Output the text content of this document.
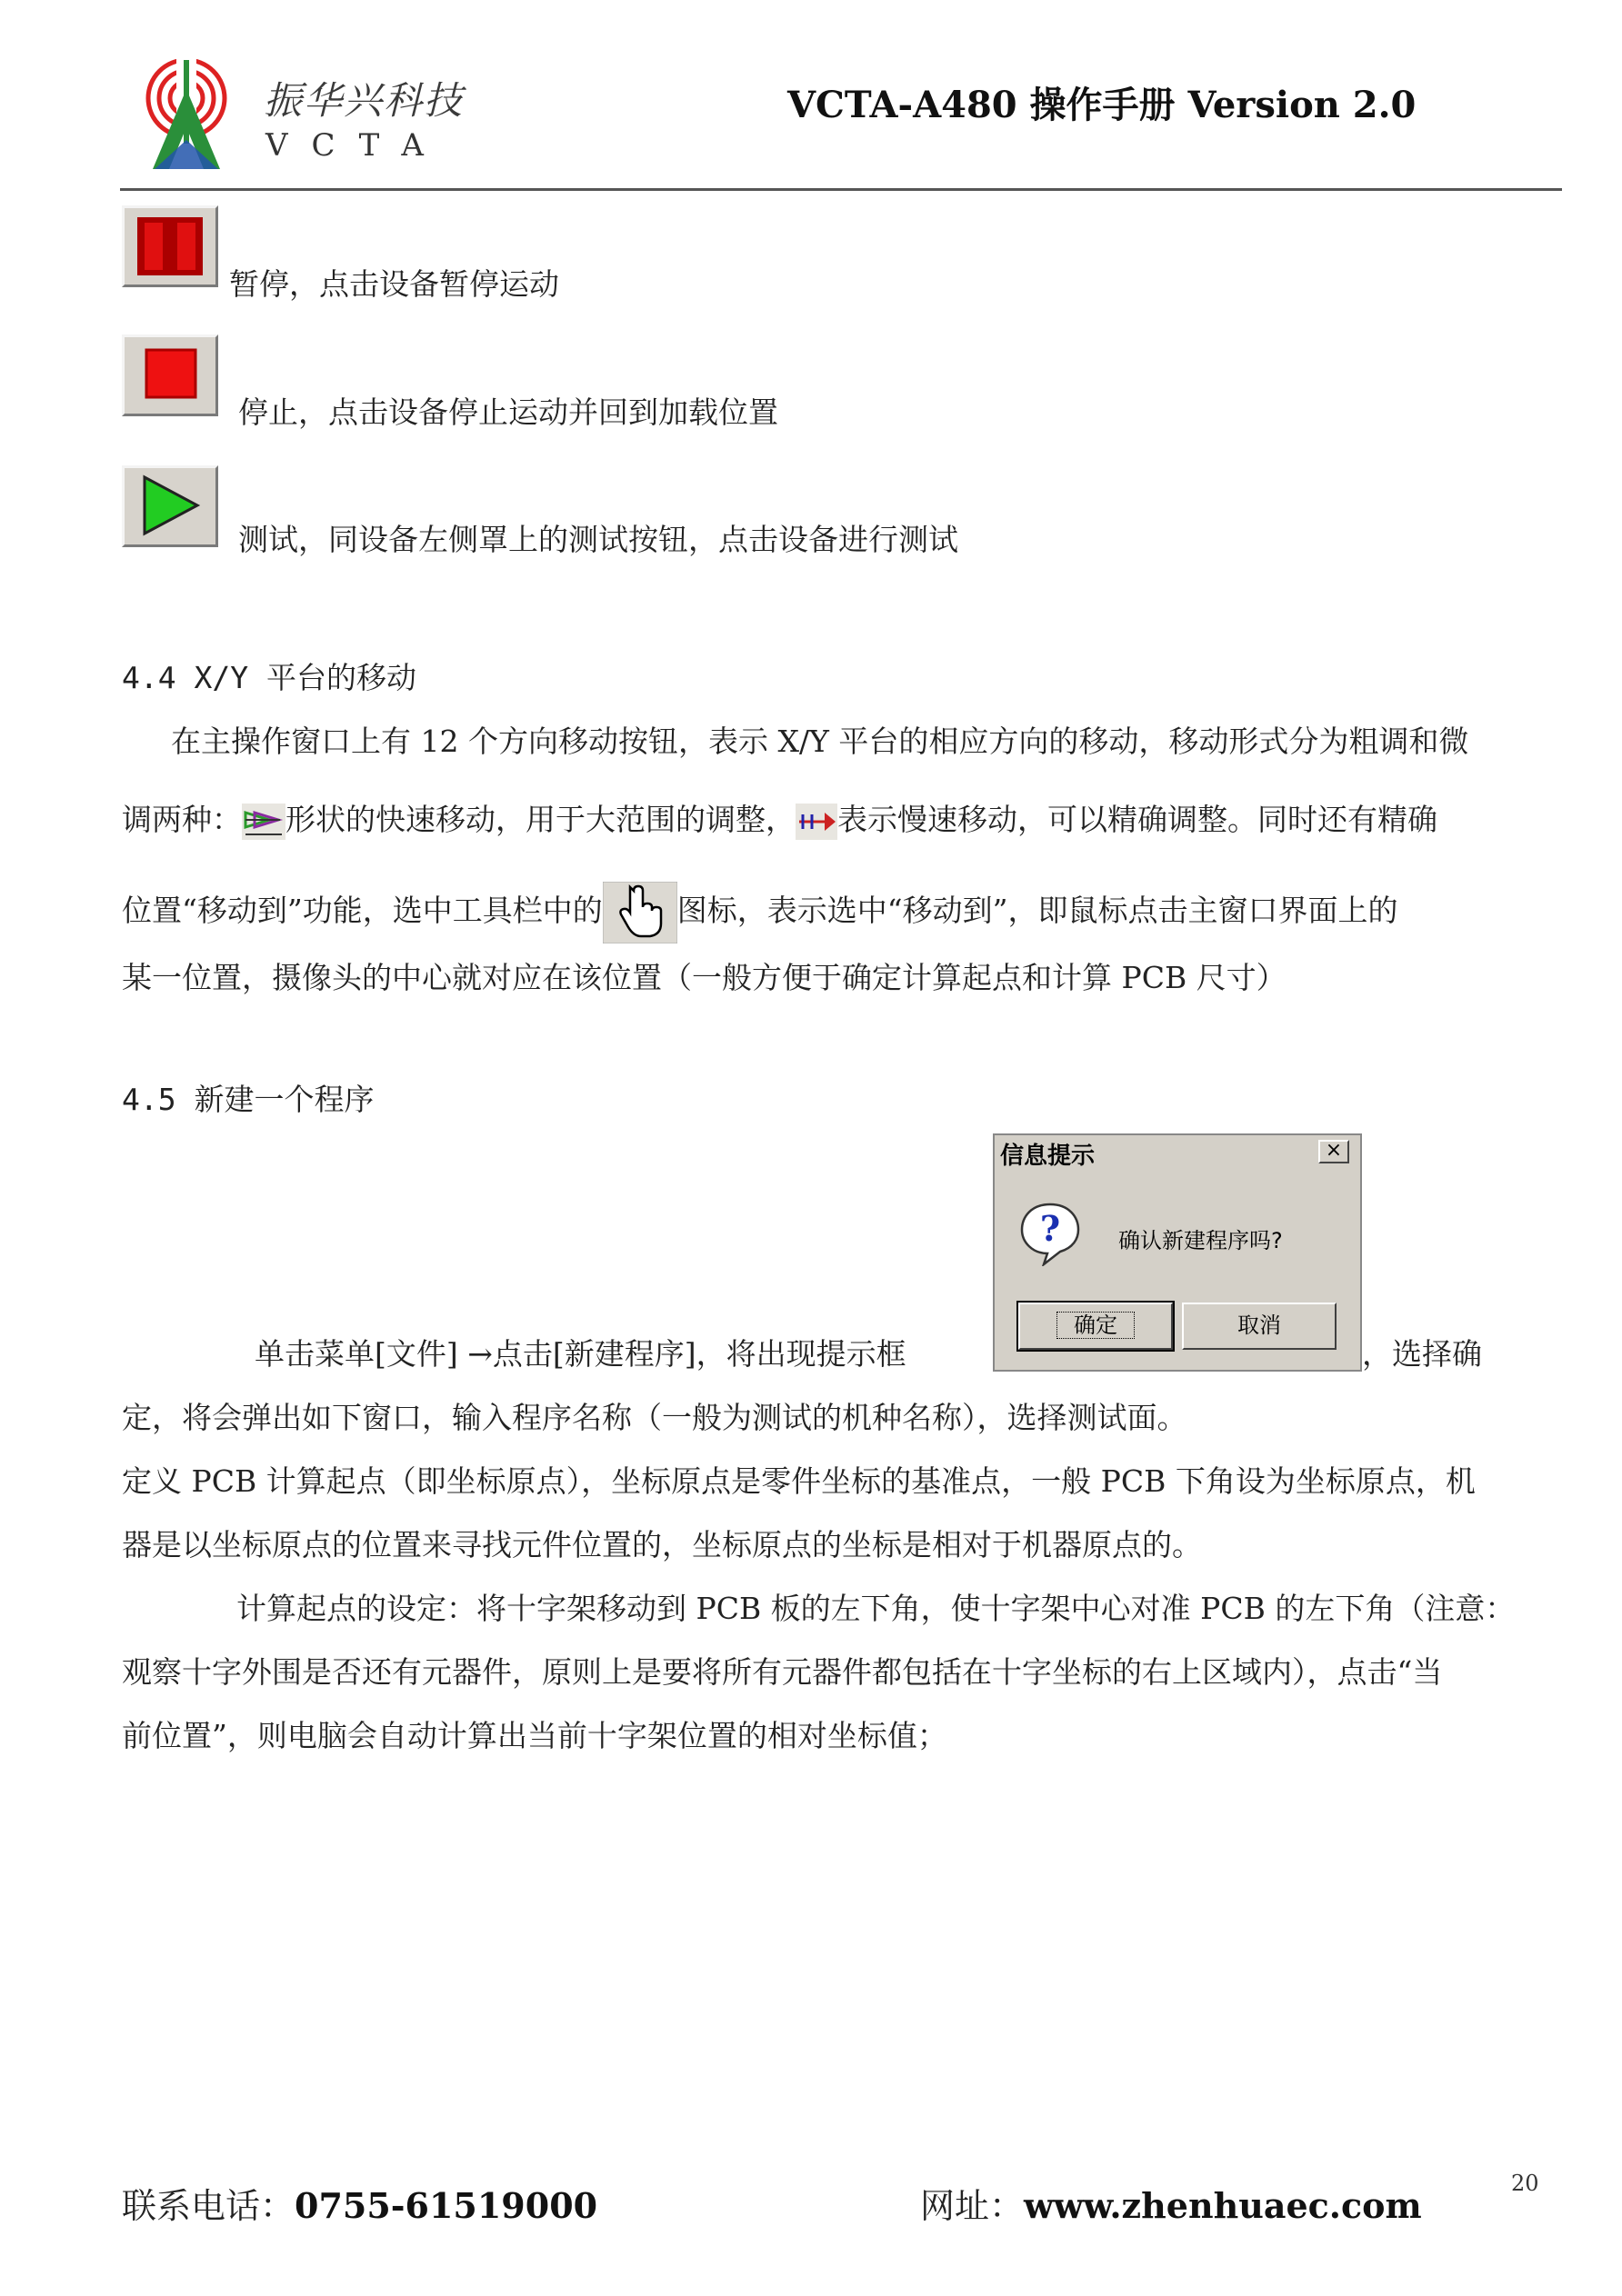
振华兴科技
VCTA
VCTA-A480 操作手册 Version 2.0
暂停，点击设备暂停运动
停止，点击设备停止运动并回到加载位置
测试，同设备左侧罩上的测试按钮，点击设备进行测试
4.4 X/Y 平台的移动
在主操作窗口上有 12 个方向移动按钮，表示 X/Y 平台的相应方向的移动，移动形式分为粗调和微
调两种： 形状的快速移动，用于大范围的调整， 表示慢速移动，可以精确调整。同时还有精确
位置“移动到”功能，选中工具栏中的 图标，表示选中“移动到”，即鼠标点击主窗口界面上的
某一位置，摄像头的中心就对应在该位置（一般方便于确定计算起点和计算 PCB 尺寸）
4.5 新建一个程序
信息提示	×
?	确认新建程序吗?
确定	取消
单击菜单[文件] →点击[新建程序]，将出现提示框	，选择确
定，将会弹出如下窗口，输入程序名称（一般为测试的机种名称），选择测试面。
定义 PCB 计算起点（即坐标原点），坐标原点是零件坐标的基准点，一般 PCB 下角设为坐标原点，机
器是以坐标原点的位置来寻找元件位置的，坐标原点的坐标是相对于机器原点的。
计算起点的设定：将十字架移动到 PCB 板的左下角，使十字架中心对准 PCB 的左下角（注意：
观察十字外围是否还有元器件，原则上是要将所有元器件都包括在十字坐标的右上区域内），点击“当
前位置”，则电脑会自动计算出当前十字架位置的相对坐标值；
联系电话：0755-61519000	网址：www.zhenhuaec.com
20
